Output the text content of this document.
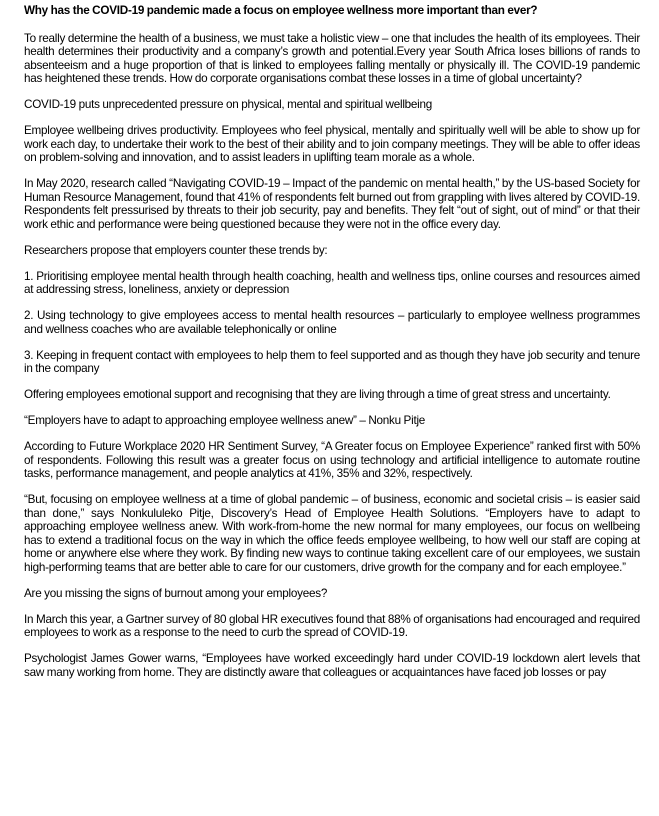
Why has the COVID-19 pandemic made a focus on employee wellness more important than ever?

To really determine the health of a business, we must take a holistic view – one that includes the health of its employees. Their health determines their productivity and a company’s growth and potential.Every year South Africa loses billions of rands to absenteeism and a huge proportion of that is linked to employees falling mentally or physically ill. The COVID-19 pandemic has heightened these trends. How do corporate organisations combat these losses in a time of global uncertainty?

COVID-19 puts unprecedented pressure on physical, mental and spiritual wellbeing

Employee wellbeing drives productivity. Employees who feel physical, mentally and spiritually well will be able to show up for work each day, to undertake their work to the best of their ability and to join company meetings. They will be able to offer ideas on problem-solving and innovation, and to assist leaders in uplifting team morale as a whole.

In May 2020, research called “Navigating COVID-19 – Impact of the pandemic on mental health,” by the US-based Society for Human Resource Management, found that 41% of respondents felt burned out from grappling with lives altered by COVID-19. Respondents felt pressurised by threats to their job security, pay and benefits. They felt “out of sight, out of mind” or that their work ethic and performance were being questioned because they were not in the office every day.

Researchers propose that employers counter these trends by:

1. Prioritising employee mental health through health coaching, health and wellness tips, online courses and resources aimed at addressing stress, loneliness, anxiety or depression

2. Using technology to give employees access to mental health resources – particularly to employee wellness programmes and wellness coaches who are available telephonically or online

3. Keeping in frequent contact with employees to help them to feel supported and as though they have job security and tenure in the company

Offering employees emotional support and recognising that they are living through a time of great stress and uncertainty.

“Employers have to adapt to approaching employee wellness anew” – Nonku Pitje

According to Future Workplace 2020 HR Sentiment Survey, “A Greater focus on Employee Experience” ranked first with 50% of respondents. Following this result was a greater focus on using technology and artificial intelligence to automate routine tasks, performance management, and people analytics at 41%, 35% and 32%, respectively.

“But, focusing on employee wellness at a time of global pandemic – of business, economic and societal crisis – is easier said than done,” says Nonkululeko Pitje, Discovery’s Head of Employee Health Solutions. “Employers have to adapt to approaching employee wellness anew. With work-from-home the new normal for many employees, our focus on wellbeing has to extend a traditional focus on the way in which the office feeds employee wellbeing, to how well our staff are coping at home or anywhere else where they work. By finding new ways to continue taking excellent care of our employees, we sustain high-performing teams that are better able to care for our customers, drive growth for the company and for each employee.”

Are you missing the signs of burnout among your employees?

In March this year, a Gartner survey of 80 global HR executives found that 88% of organisations had encouraged and required employees to work as a response to the need to curb the spread of COVID-19.

Psychologist James Gower warns, “Employees have worked exceedingly hard under COVID-19 lockdown alert levels that saw many working from home. They are distinctly aware that colleagues or acquaintances have faced job losses or pay
